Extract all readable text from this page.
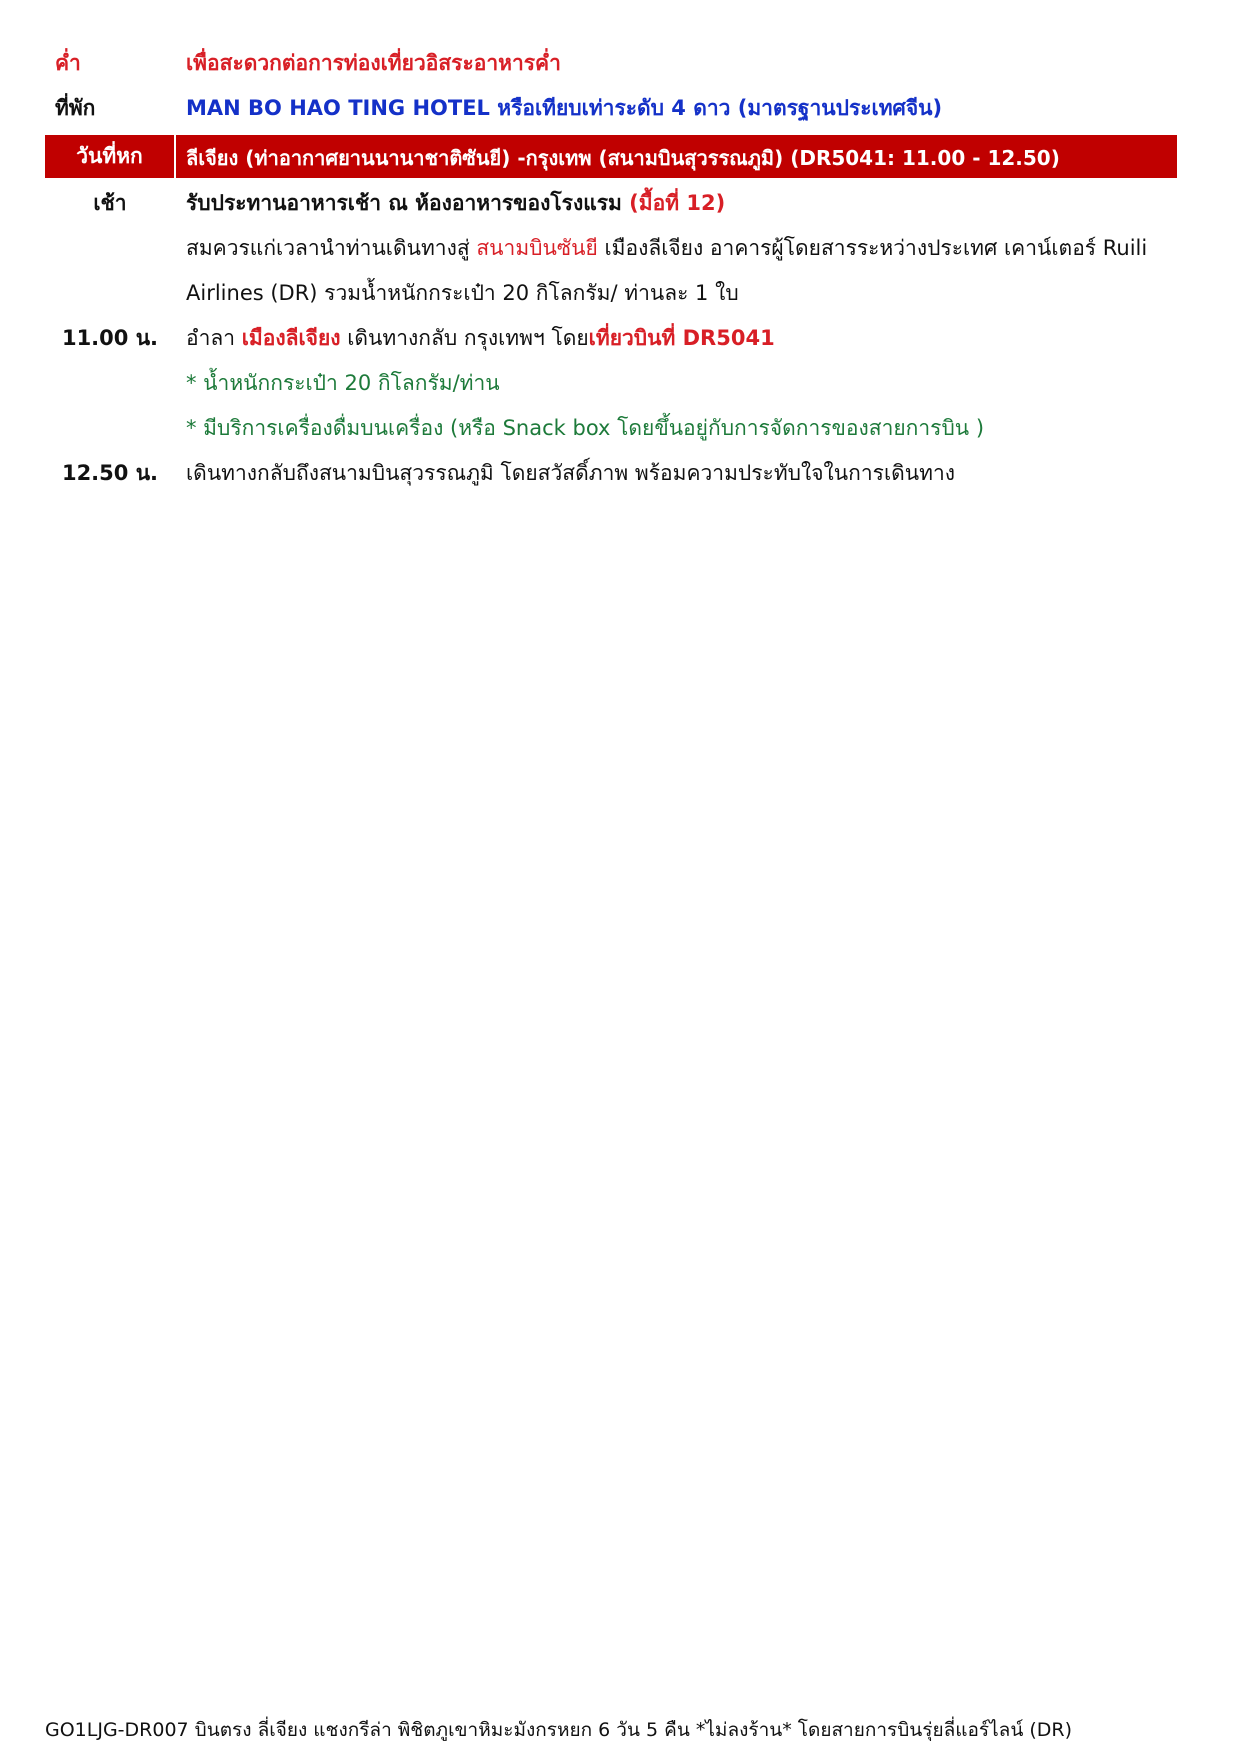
ค่ำ	เพื่อสะดวกต่อการท่องเที่ยวอิสระอาหารค่ำ
ที่พัก	MAN BO HAO TING HOTEL หรือเทียบเท่าระดับ 4 ดาว (มาตรฐานประเทศจีน)
วันที่หก	ลีเจียง (ท่าอากาศยานนานาชาติซันยี) -กรุงเทพ (สนามบินสุวรรณภูมิ) (DR5041: 11.00 - 12.50)
เช้า	รับประทานอาหารเช้า ณ ห้องอาหารของโรงแรม (มื้อที่ 12)
สมควรแก่เวลานำท่านเดินทางสู่ สนามบินซันยี เมืองลีเจียง อาคารผู้โดยสารระหว่างประเทศ เคาน์เตอร์ Ruili
Airlines (DR) รวมน้ำหนักกระเป๋า 20 กิโลกรัม/ ท่านละ 1 ใบ
11.00 น.	อำลา เมืองลีเจียง เดินทางกลับ กรุงเทพฯ โดยเที่ยวบินที่ DR5041
* น้ำหนักกระเป๋า 20 กิโลกรัม/ท่าน
* มีบริการเครื่องดื่มบนเครื่อง (หรือ Snack box โดยขึ้นอยู่กับการจัดการของสายการบิน )
12.50 น.	เดินทางกลับถึงสนามบินสุวรรณภูมิ โดยสวัสดิ์ภาพ พร้อมความประทับใจในการเดินทาง
GO1LJG-DR007 บินตรง ลี่เจียง แชงกรีล่า พิชิตภูเขาหิมะมังกรหยก 6 วัน 5 คืน *ไม่ลงร้าน* โดยสายการบินรุ่ยลี่แอร์ไลน์ (DR)
